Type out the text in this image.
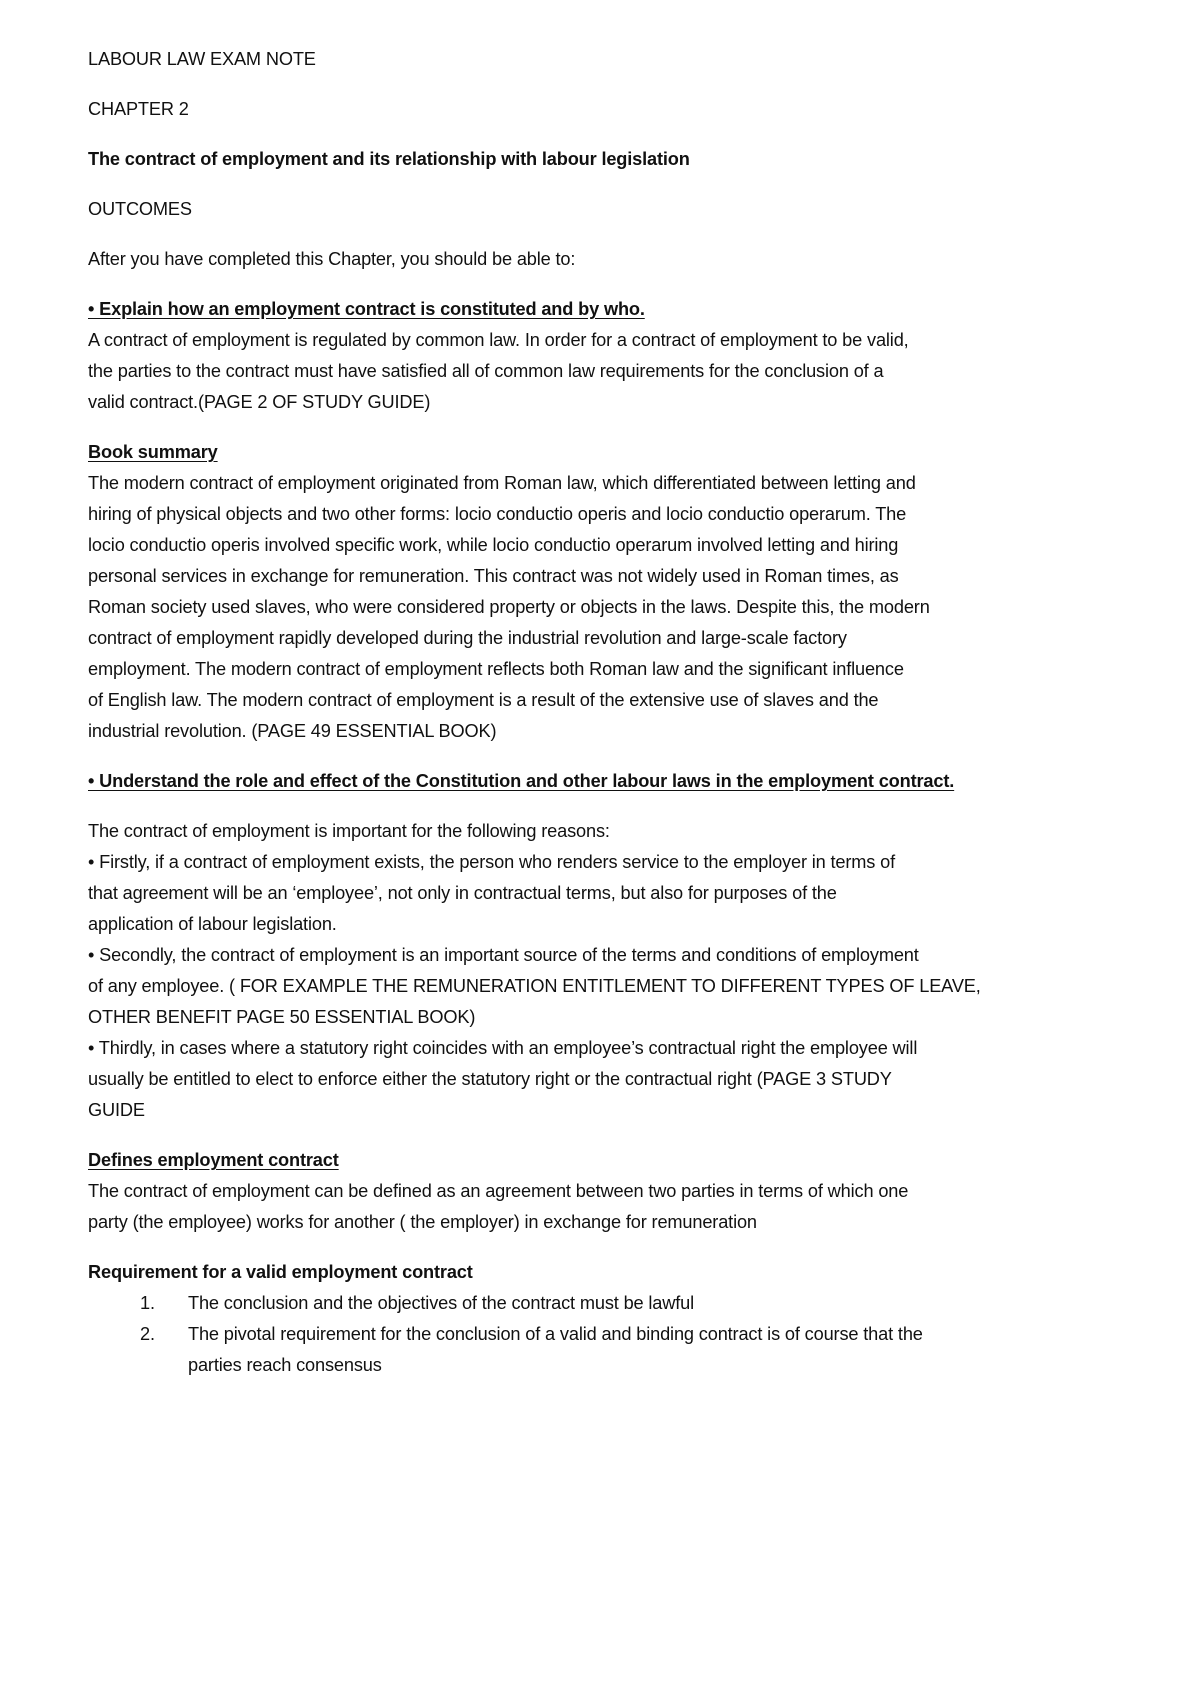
LABOUR LAW EXAM NOTE

CHAPTER 2

The contract of employment and its relationship with labour legislation

OUTCOMES

After you have completed this Chapter, you should be able to:

• Explain how an employment contract is constituted and by who.

A contract of employment is regulated by common law. In order for a contract of employment to be valid,

the parties to the contract must have satisfied all of common law requirements for the conclusion of a

valid contract.(PAGE 2 OF STUDY GUIDE)

Book summary

The modern contract of employment originated from Roman law, which differentiated between letting and

hiring of physical objects and two other forms: locio conductio operis and locio conductio operarum. The

locio conductio operis involved specific work, while locio conductio operarum involved letting and hiring

personal services in exchange for remuneration. This contract was not widely used in Roman times, as

Roman society used slaves, who were considered property or objects in the laws. Despite this, the modern

contract of employment rapidly developed during the industrial revolution and large-scale factory

employment. The modern contract of employment reflects both Roman law and the significant influence

of English law. The modern contract of employment is a result of the extensive use of slaves and the

industrial revolution. (PAGE 49 ESSENTIAL BOOK)

• Understand the role and effect of the Constitution and other labour laws in the employment contract.

The contract of employment is important for the following reasons:

• Firstly, if a contract of employment exists, the person who renders service to the employer in terms of

that agreement will be an ‘employee’, not only in contractual terms, but also for purposes of the

application of labour legislation.

• Secondly, the contract of employment is an important source of the terms and conditions of employment

of any employee. ( FOR EXAMPLE THE REMUNERATION ENTITLEMENT TO DIFFERENT TYPES OF LEAVE,

OTHER BENEFIT PAGE 50 ESSENTIAL BOOK)

• Thirdly, in cases where a statutory right coincides with an employee’s contractual right the employee will

usually be entitled to elect to enforce either the statutory right or the contractual right (PAGE 3 STUDY

GUIDE

Defines employment contract

The contract of employment can be defined as an agreement between two parties in terms of which one

party (the employee) works for another ( the employer) in exchange for remuneration

Requirement for a valid employment contract

1.	The conclusion and the objectives of the contract must be lawful
2.	The pivotal requirement for the conclusion of a valid and binding contract is of course that the
parties reach consensus
